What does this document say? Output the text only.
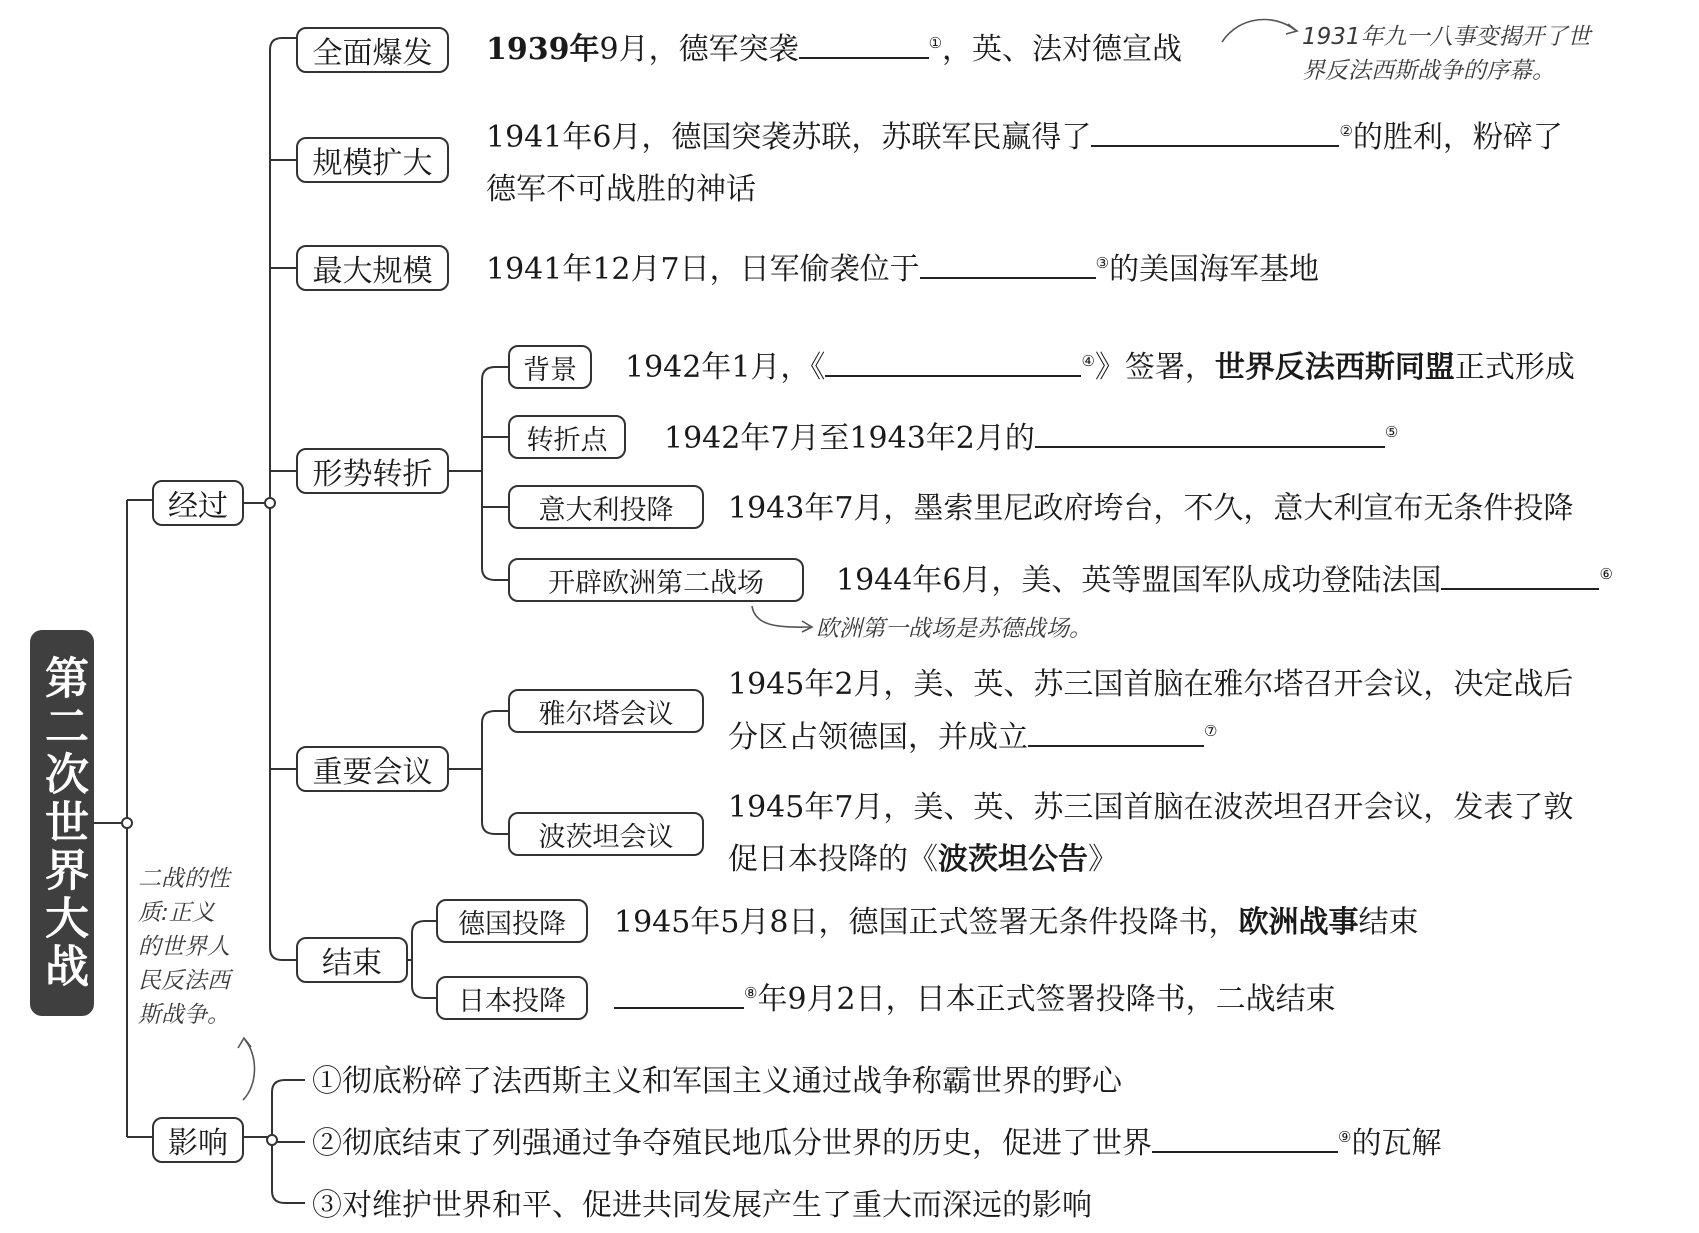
第二次世界大战
经过
影响
全面爆发
规模扩大
最大规模
形势转折
重要会议
结束
背景
转折点
意大利投降
开辟欧洲第二战场
雅尔塔会议
波茨坦会议
德国投降
日本投降
1939年9月，德军突袭	①，英、法对德宣战
1941年6月，德国突袭苏联，苏联军民赢得了	②的胜利，粉碎了
德军不可战胜的神话
1941年12月7日，日军偷袭位于	③的美国海军基地
1942年1月，《	④》签署，世界反法西斯同盟正式形成
1942年7月至1943年2月的	⑤
1943年7月，墨索里尼政府垮台，不久，意大利宣布无条件投降
1944年6月，美、英等盟国军队成功登陆法国	⑥
1945年2月，美、英、苏三国首脑在雅尔塔召开会议，决定战后
分区占领德国，并成立	⑦
1945年7月，美、英、苏三国首脑在波茨坦召开会议，发表了敦
促日本投降的《波茨坦公告》
1945年5月8日，德国正式签署无条件投降书，欧洲战事结束
⑧年9月2日，日本正式签署投降书，二战结束
①彻底粉碎了法西斯主义和军国主义通过战争称霸世界的野心
②彻底结束了列强通过争夺殖民地瓜分世界的历史，促进了世界	⑨的瓦解
③对维护世界和平、促进共同发展产生了重大而深远的影响
1931年九一八事变揭开了世
界反法西斯战争的序幕。
欧洲第一战场是苏德战场。
二战的性
质:正义
的世界人
民反法西
斯战争。
